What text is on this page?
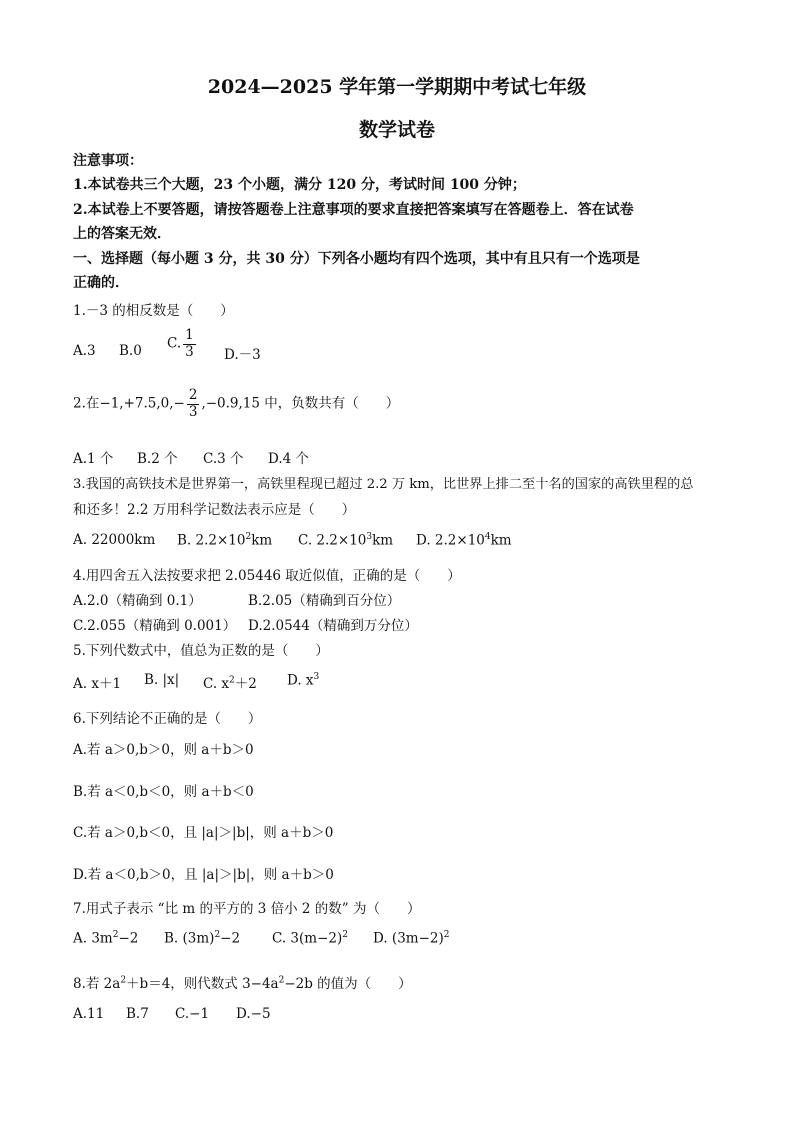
2024—2025 学年第一学期期中考试七年级
数学试卷
注意事项：
1.本试卷共三个大题，23 个小题，满分 120 分，考试时间 100 分钟；
2.本试卷上不要答题，请按答题卷上注意事项的要求直接把答案填写在答题卷上．答在试卷
上的答案无效．
一、选择题（每小题 3 分，共 30 分）下列各小题均有四个选项，其中有且只有一个选项是
正确的．
1.－3 的相反数是（　　）
A.3 B.0 C. $\frac{1}{3} D.-3$
2.在$-1,+7.5,0,- \frac{2}{3} ,-0.9,15$ 中，负数共有（　　）
A.1 个 B.2 个 C.3 个 D.4 个
3.我国的高铁技术是世界第一，高铁里程现已超过 2.2 万 km，比世界上排二至十名的国家的高铁里程的总
和还多！2.2 万用科学记数法表示应是（　　）
A. 22000km B. $2.2\times 10^2km$ C. $2.2\times 10^3km$ D. $2.2\times 10^4km$
4.用四舍五入法按要求把 2.05446 取近似值，正确的是（　　）
A.2.0（精确到 0.1）	B.2.05（精确到百分位）
C.2.055（精确到 0.001） D.2.0544（精确到万分位）
5.下列代数式中，值总为正数的是（　　）
A. x＋1 B. |x| C. $x^2+2$ D. $x^3$
6.下列结论不正确的是（　　）
A.若 a＞0,b＞0，则 a＋b＞0
B.若 a＜0,b＜0，则 a＋b＜0
C.若 a＞0,b＜0，且 |a|＞|b|，则 a＋b＞0
D.若 a＜0,b＞0，且 |a|＞|b|，则 a＋b＞0
7.用式子表示 “比 m 的平方的 3 倍小 2 的数” 为（　　）
A. $3m^2-2$ B. $(3m)^2-2$ C. $3(m-2)^2$ D. $(3m-2)^2$
8.若 $2a^2+b=4$，则代数式 $3-4a^2-2b$ 的值为（　　）
A.11 B.7 C.−1 D.−5
